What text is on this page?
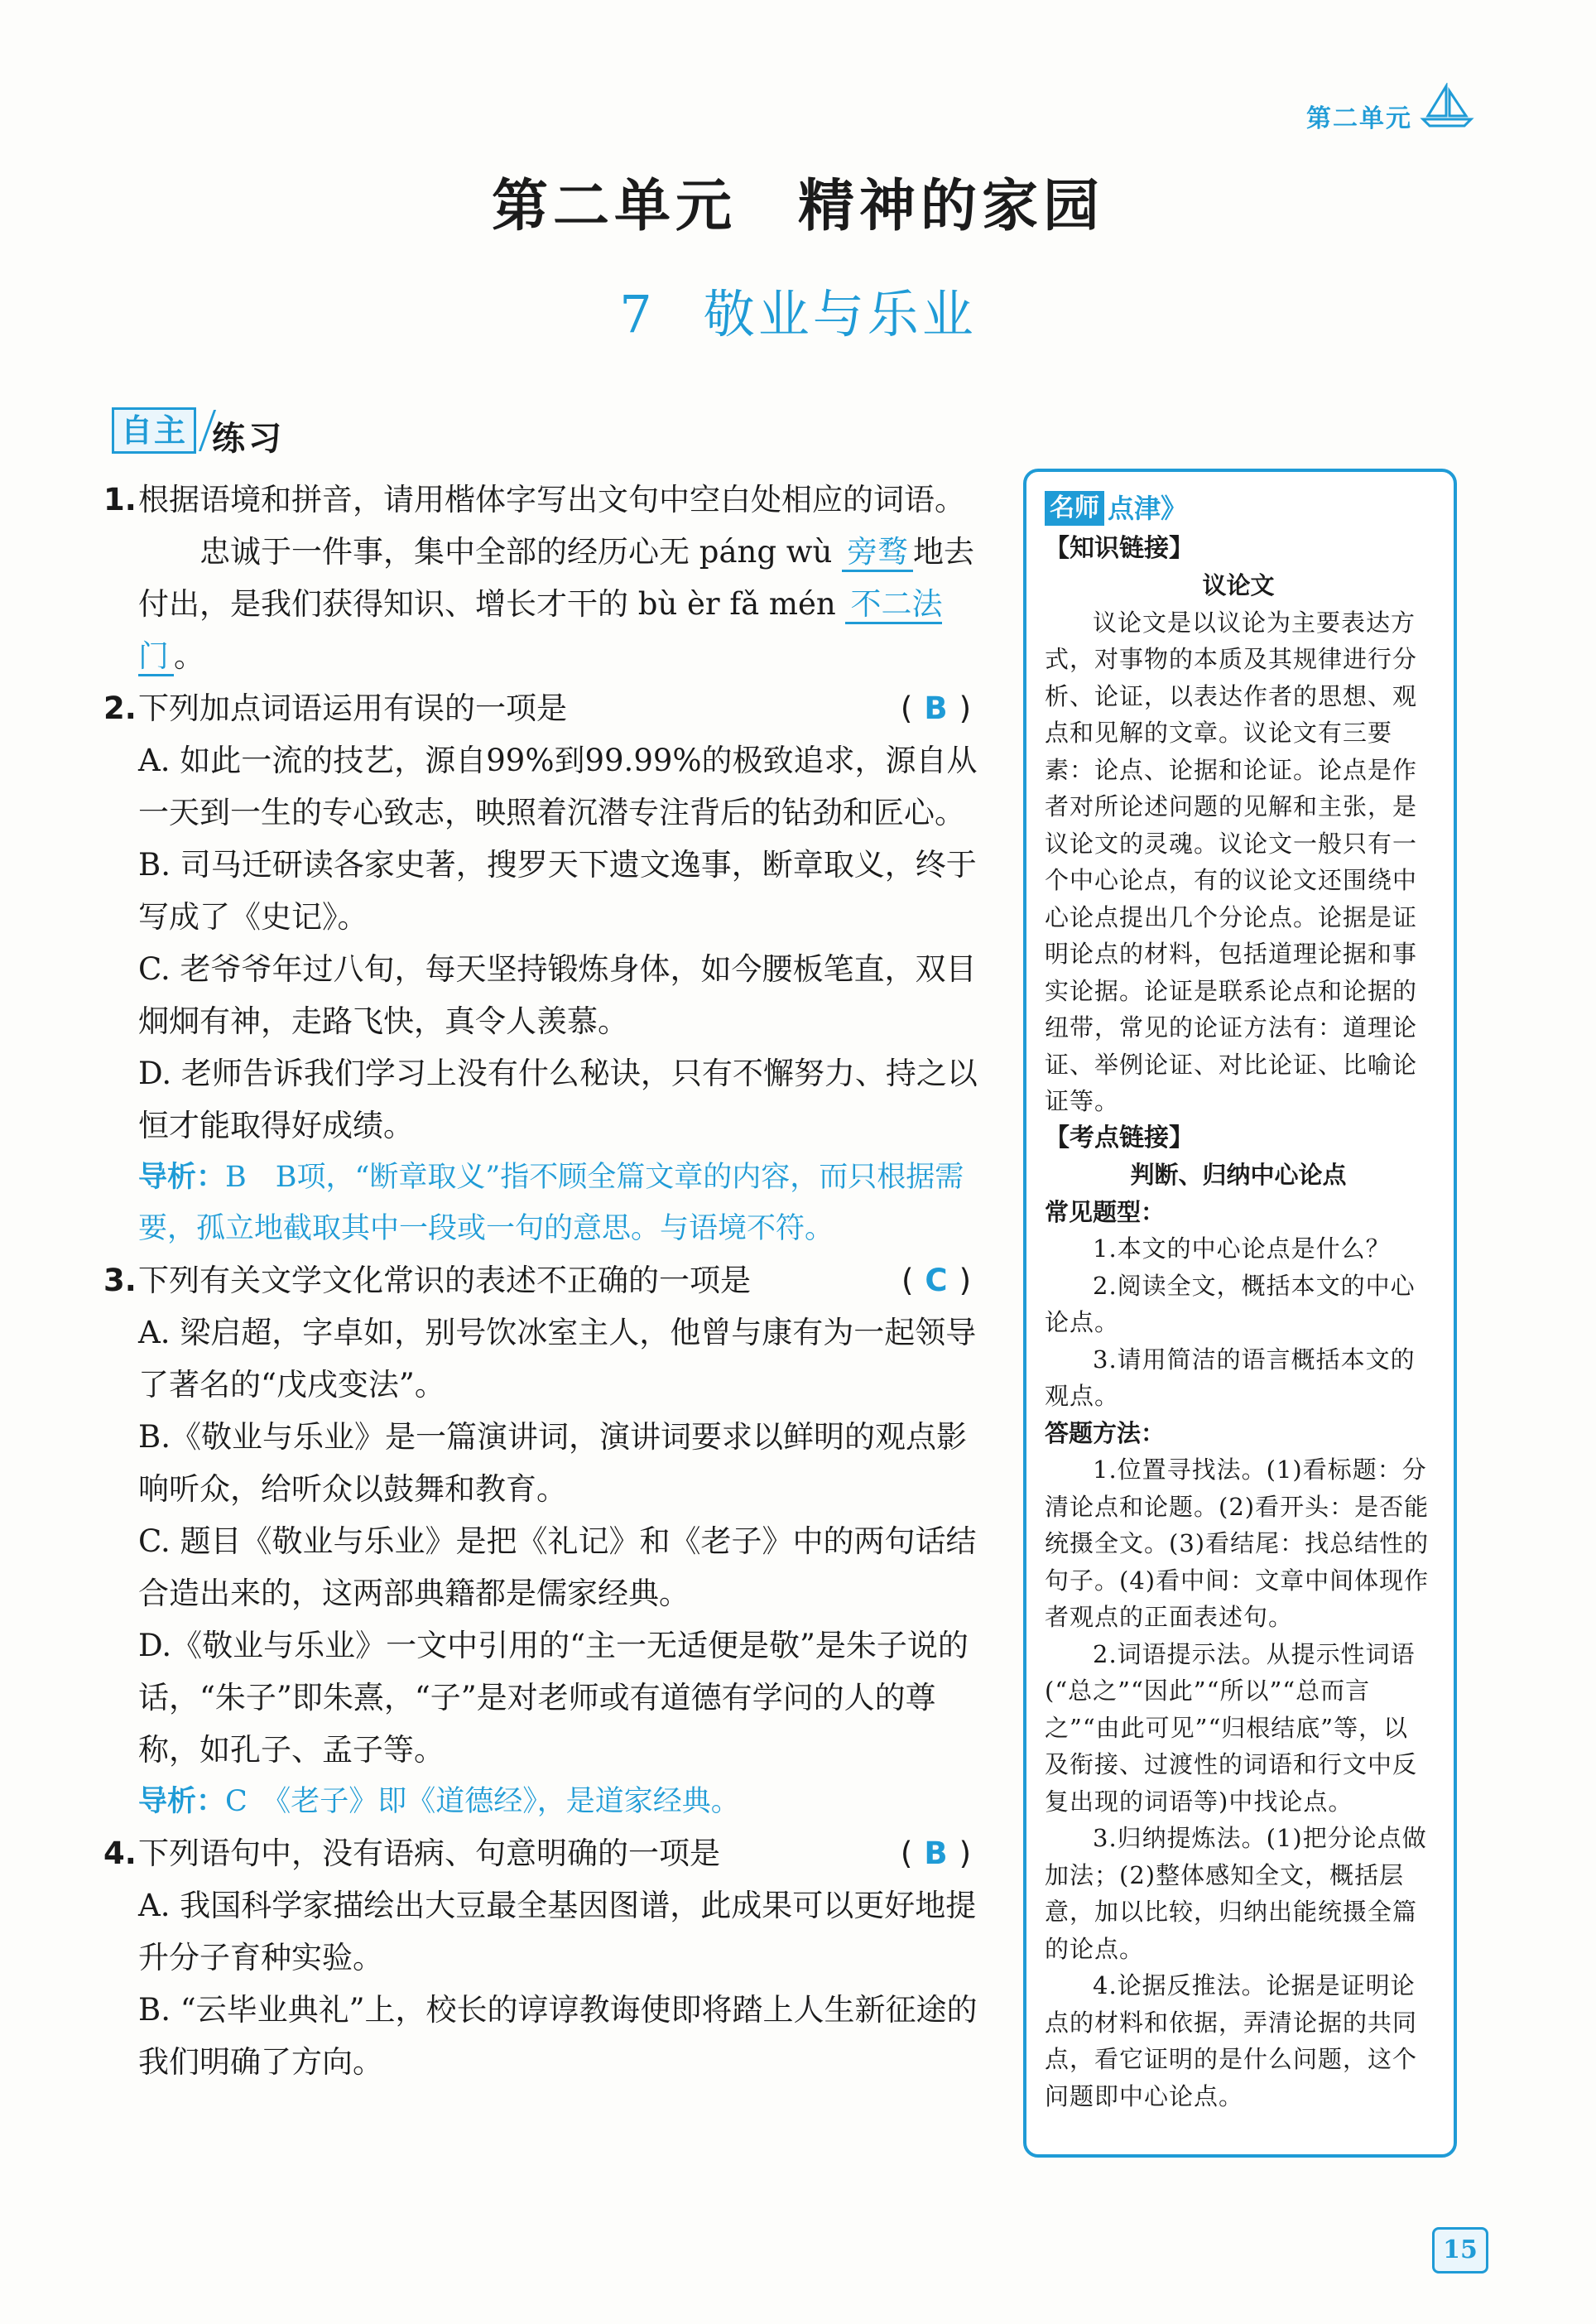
第二单元
第二单元　精神的家园
7 敬业与乐业
自主 练习
1. 根据语境和拼音，请用楷体字写出文句中空白处相应的词语。
忠诚于一件事，集中全部的经历心无 páng wù 旁骛 地去付出，是我们获得知识、增长才干的 bù èr fǎ mén 不二法门 。
2. 下列加点词语运用有误的一项是	( B )
A. 如此一流的技艺，源自99%到99.99%的极致追求，源自从一天到一生的专心致志，映照着沉潜专注背后的钻劲和匠心。
B. 司马迁研读各家史著，搜罗天下遗文逸事，断章取义，终于写成了《史记》。
C. 老爷爷年过八旬，每天坚持锻炼身体，如今腰板笔直，双目炯炯有神，走路飞快，真令人羡慕。
D. 老师告诉我们学习上没有什么秘诀，只有不懈努力、持之以恒才能取得好成绩。
导析：B　B项，“断章取义”指不顾全篇文章的内容，而只根据需要，孤立地截取其中一段或一句的意思。与语境不符。
3. 下列有关文学文化常识的表述不正确的一项是	( C )
A. 梁启超，字卓如，别号饮冰室主人，他曾与康有为一起领导了著名的“戊戌变法”。
B.《敬业与乐业》是一篇演讲词，演讲词要求以鲜明的观点影响听众，给听众以鼓舞和教育。
C. 题目《敬业与乐业》是把《礼记》和《老子》中的两句话结合造出来的，这两部典籍都是儒家经典。
D.《敬业与乐业》一文中引用的“主一无适便是敬”是朱子说的话，“朱子”即朱熹，“子”是对老师或有道德有学问的人的尊称，如孔子、孟子等。
导析：C　《老子》即《道德经》，是道家经典。
4. 下列语句中，没有语病、句意明确的一项是	( B )
A. 我国科学家描绘出大豆最全基因图谱，此成果可以更好地提升分子育种实验。
B. “云毕业典礼”上，校长的谆谆教诲使即将踏上人生新征途的我们明确了方向。
名师 点津》
【知识链接】
议论文
议论文是以议论为主要表达方式，对事物的本质及其规律进行分析、论证，以表达作者的思想、观点和见解的文章。议论文有三要素：论点、论据和论证。论点是作者对所论述问题的见解和主张，是议论文的灵魂。议论文一般只有一个中心论点，有的议论文还围绕中心论点提出几个分论点。论据是证明论点的材料，包括道理论据和事实论据。论证是联系论点和论据的纽带，常见的论证方法有：道理论证、举例论证、对比论证、比喻论证等。
【考点链接】
判断、归纳中心论点
常见题型：
1.本文的中心论点是什么？
2.阅读全文，概括本文的中心论点。
3.请用简洁的语言概括本文的观点。
答题方法：
1.位置寻找法。(1)看标题：分清论点和论题。(2)看开头：是否能统摄全文。(3)看结尾：找总结性的句子。(4)看中间：文章中间体现作者观点的正面表述句。
2.词语提示法。从提示性词语(“总之”“因此”“所以”“总而言之”“由此可见”“归根结底”等，以及衔接、过渡性的词语和行文中反复出现的词语等)中找论点。
3.归纳提炼法。(1)把分论点做加法；(2)整体感知全文，概括层意，加以比较，归纳出能统摄全篇的论点。
4.论据反推法。论据是证明论点的材料和依据，弄清论据的共同点，看它证明的是什么问题，这个问题即中心论点。
15
